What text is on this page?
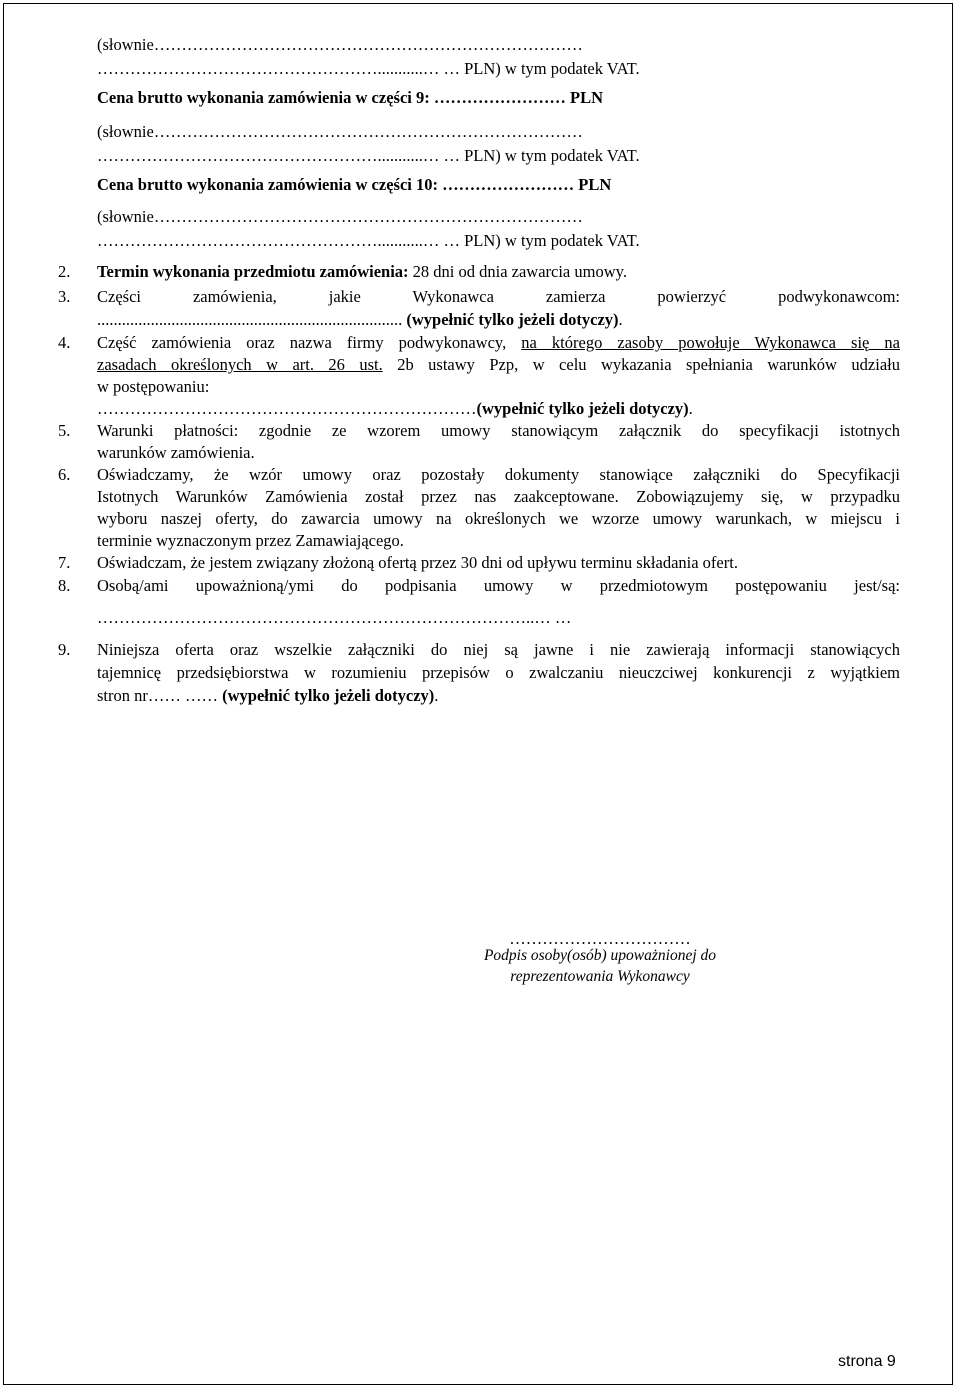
(słownie……………………………………………………………………
……………………………………………...........… … PLN) w tym podatek VAT.
Cena brutto wykonania zamówienia w części 9: …………………… PLN
(słownie……………………………………………………………………
……………………………………………...........… … PLN) w tym podatek VAT.
Cena brutto wykonania zamówienia w części 10: …………………… PLN
(słownie……………………………………………………………………
……………………………………………...........… … PLN) w tym podatek VAT.
2. Termin wykonania przedmiotu zamówienia: 28 dni od dnia zawarcia umowy.
3. Części zamówienia, jakie Wykonawca zamierza powierzyć podwykonawcom:
.......................................................................... (wypełnić tylko jeżeli dotyczy).
4. Część zamówienia oraz nazwa firmy podwykonawcy, na którego zasoby powołuje Wykonawca się na
zasadach określonych w art. 26 ust. 2b ustawy Pzp, w celu wykazania spełniania warunków udziału
w postępowaniu:
……………………………………………………………(wypełnić tylko jeżeli dotyczy).
5. Warunki płatności: zgodnie ze wzorem umowy stanowiącym załącznik do specyfikacji istotnych
warunków zamówienia.
6. Oświadczamy, że wzór umowy oraz pozostały dokumenty stanowiące załączniki do Specyfikacji
Istotnych Warunków Zamówienia został przez nas zaakceptowane. Zobowiązujemy się, w przypadku
wyboru naszej oferty, do zawarcia umowy na określonych we wzorze umowy warunkach, w miejscu i
terminie wyznaczonym przez Zamawiającego.
7. Oświadczam, że jestem związany złożoną ofertą przez 30 dni od upływu terminu składania ofert.
8. Osobą/ami upoważnioną/ymi do podpisania umowy w przedmiotowym postępowaniu jest/są:
……………………………………………………………………..… …
9. Niniejsza oferta oraz wszelkie załączniki do niej są jawne i nie zawierają informacji stanowiących
tajemnicę przedsiębiorstwa w rozumieniu przepisów o zwalczaniu nieuczciwej konkurencji z wyjątkiem
stron nr…… …… (wypełnić tylko jeżeli dotyczy).
……………………………
Podpis osoby(osób) upoważnionej do
reprezentowania Wykonawcy
strona 9
